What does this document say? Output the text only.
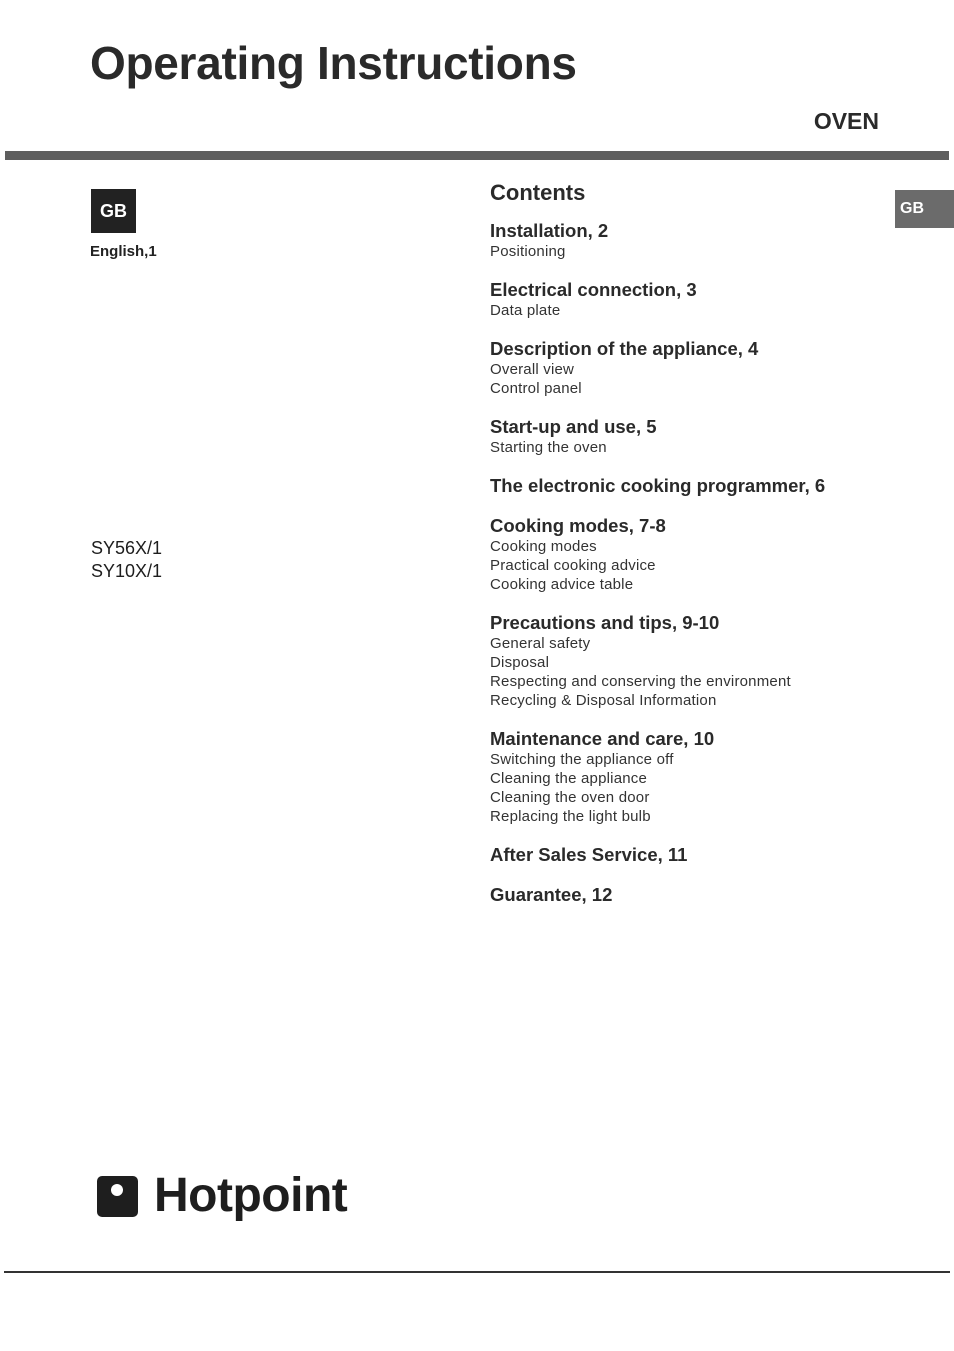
Operating Instructions
OVEN
GB
English,1
GB
SY56X/1
SY10X/1
Contents
Installation, 2
Positioning
Electrical connection, 3
Data plate
Description of the appliance, 4
Overall view
Control panel
Start-up and use, 5
Starting the oven
The electronic cooking programmer, 6
Cooking modes, 7-8
Cooking modes
Practical cooking advice
Cooking advice table
Precautions and tips, 9-10
General safety
Disposal
Respecting and conserving the environment
Recycling & Disposal Information
Maintenance and care, 10
Switching the appliance off
Cleaning the appliance
Cleaning the oven door
Replacing the light bulb
After Sales Service, 11
Guarantee, 12
Hotpoint
